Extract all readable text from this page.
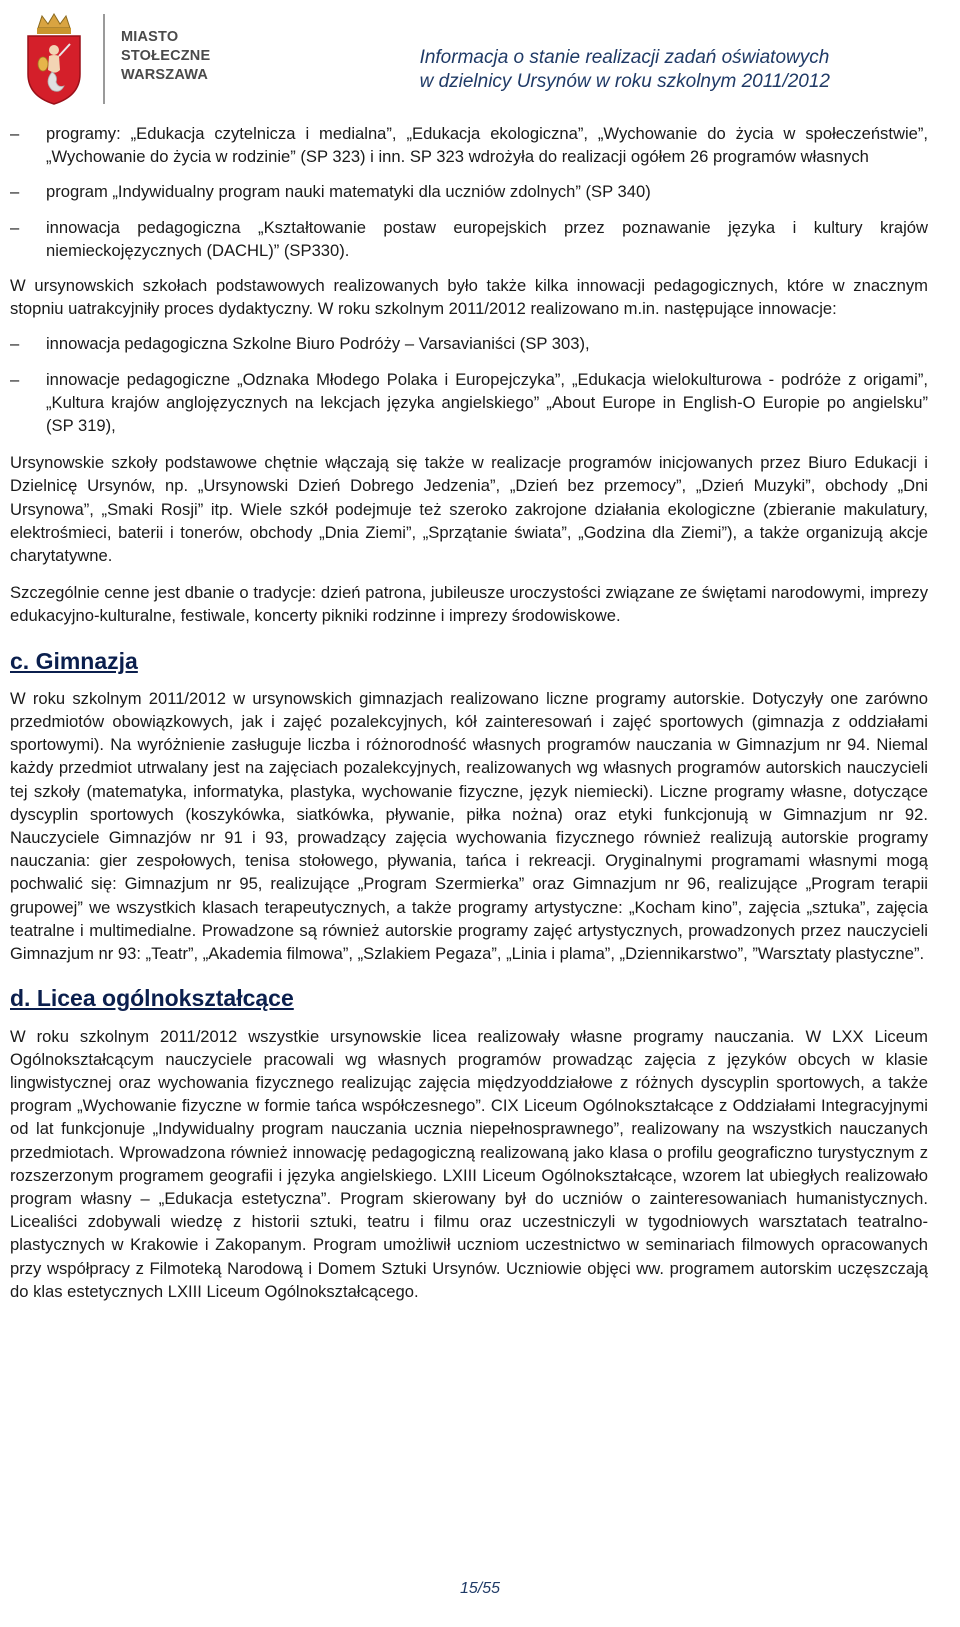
MIASTO
STOŁECZNE
WARSZAWA
Informacja o stanie realizacji zadań oświatowych
w dzielnicy Ursynów w roku szkolnym 2011/2012
– programy: „Edukacja czytelnicza i medialna”, „Edukacja ekologiczna”, „Wychowanie do życia w społeczeństwie”, „Wychowanie do życia w rodzinie” (SP 323) i inn. SP 323 wdrożyła do realizacji ogółem 26 programów własnych
– program „Indywidualny program nauki matematyki dla uczniów zdolnych” (SP 340)
– innowacja pedagogiczna „Kształtowanie postaw europejskich przez poznawanie języka i kultury krajów niemieckojęzycznych (DACHL)” (SP330).

W ursynowskich szkołach podstawowych realizowanych było także kilka innowacji pedagogicznych, które w znacznym stopniu uatrakcyjniły proces dydaktyczny. W roku szkolnym 2011/2012 realizowano m.in. następujące innowacje:

– innowacja pedagogiczna Szkolne Biuro Podróży – Varsavianiści (SP 303),
– innowacje pedagogiczne „Odznaka Młodego Polaka i Europejczyka”, „Edukacja wielokulturowa - podróże z origami”, „Kultura krajów anglojęzycznych na lekcjach języka angielskiego” „About Europe in English-O Europie po angielsku” (SP 319),

Ursynowskie szkoły podstawowe chętnie włączają się także w realizacje programów inicjowanych przez Biuro Edukacji i Dzielnicę Ursynów, np. „Ursynowski Dzień Dobrego Jedzenia”, „Dzień bez przemocy”, „Dzień Muzyki”, obchody „Dni Ursynowa”, „Smaki Rosji” itp. Wiele szkół podejmuje też szeroko zakrojone działania ekologiczne (zbieranie makulatury, elektrośmieci, baterii i tonerów, obchody „Dnia Ziemi”, „Sprzątanie świata”, „Godzina dla Ziemi”), a także organizują akcje charytatywne.

Szczególnie cenne jest dbanie o tradycje: dzień patrona, jubileusze uroczystości związane ze świętami narodowymi, imprezy edukacyjno-kulturalne, festiwale, koncerty pikniki rodzinne i imprezy środowiskowe.

c. Gimnazja

W roku szkolnym 2011/2012 w ursynowskich gimnazjach realizowano liczne programy autorskie. Dotyczyły one zarówno przedmiotów obowiązkowych, jak i zajęć pozalekcyjnych, kół zainteresowań i zajęć sportowych (gimnazja z oddziałami sportowymi). Na wyróżnienie zasługuje liczba i różnorodność własnych programów nauczania w Gimnazjum nr 94. Niemal każdy przedmiot utrwalany jest na zajęciach pozalekcyjnych, realizowanych wg własnych programów autorskich nauczycieli tej szkoły (matematyka, informatyka, plastyka, wychowanie fizyczne, język niemiecki). Liczne programy własne, dotyczące dyscyplin sportowych (koszykówka, siatkówka, pływanie, piłka nożna) oraz etyki funkcjonują w Gimnazjum nr 92. Nauczyciele Gimnazjów nr 91 i 93, prowadzący zajęcia wychowania fizycznego również realizują autorskie programy nauczania: gier zespołowych, tenisa stołowego, pływania, tańca i rekreacji. Oryginalnymi programami własnymi mogą pochwalić się: Gimnazjum nr 95, realizujące „Program Szermierka” oraz Gimnazjum nr 96, realizujące „Program terapii grupowej” we wszystkich klasach terapeutycznych, a także programy artystyczne: „Kocham kino”, zajęcia „sztuka”, zajęcia teatralne i multimedialne. Prowadzone są również autorskie programy zajęć artystycznych, prowadzonych przez nauczycieli Gimnazjum nr 93: „Teatr”, „Akademia filmowa”, „Szlakiem Pegaza”, „Linia i plama”, „Dziennikarstwo”, ”Warsztaty plastyczne”.

d. Licea ogólnokształcące

W roku szkolnym 2011/2012 wszystkie ursynowskie licea realizowały własne programy nauczania. W LXX Liceum Ogólnokształcącym nauczyciele pracowali wg własnych programów prowadząc zajęcia z języków obcych w klasie lingwistycznej oraz wychowania fizycznego realizując zajęcia międzyoddziałowe z różnych dyscyplin sportowych, a także program „Wychowanie fizyczne w formie tańca współczesnego”. CIX Liceum Ogólnokształcące z Oddziałami Integracyjnymi od lat funkcjonuje „Indywidualny program nauczania ucznia niepełnosprawnego”, realizowany na wszystkich nauczanych przedmiotach. Wprowadzona również innowację pedagogiczną realizowaną jako klasa o profilu geograficzno turystycznym z rozszerzonym programem geografii i języka angielskiego. LXIII Liceum Ogólnokształcące, wzorem lat ubiegłych realizowało program własny – „Edukacja estetyczna”. Program skierowany był do uczniów o zainteresowaniach humanistycznych. Licealiści zdobywali wiedzę z historii sztuki, teatru i filmu oraz uczestniczyli w tygodniowych warsztatach teatralno-plastycznych w Krakowie i Zakopanym. Program umożliwił uczniom uczestnictwo w seminariach filmowych opracowanych przy współpracy z Filmoteką Narodową i Domem Sztuki Ursynów. Uczniowie objęci ww. programem autorskim uczęszczają do klas estetycznych LXIII Liceum Ogólnokształcącego.

15/55
